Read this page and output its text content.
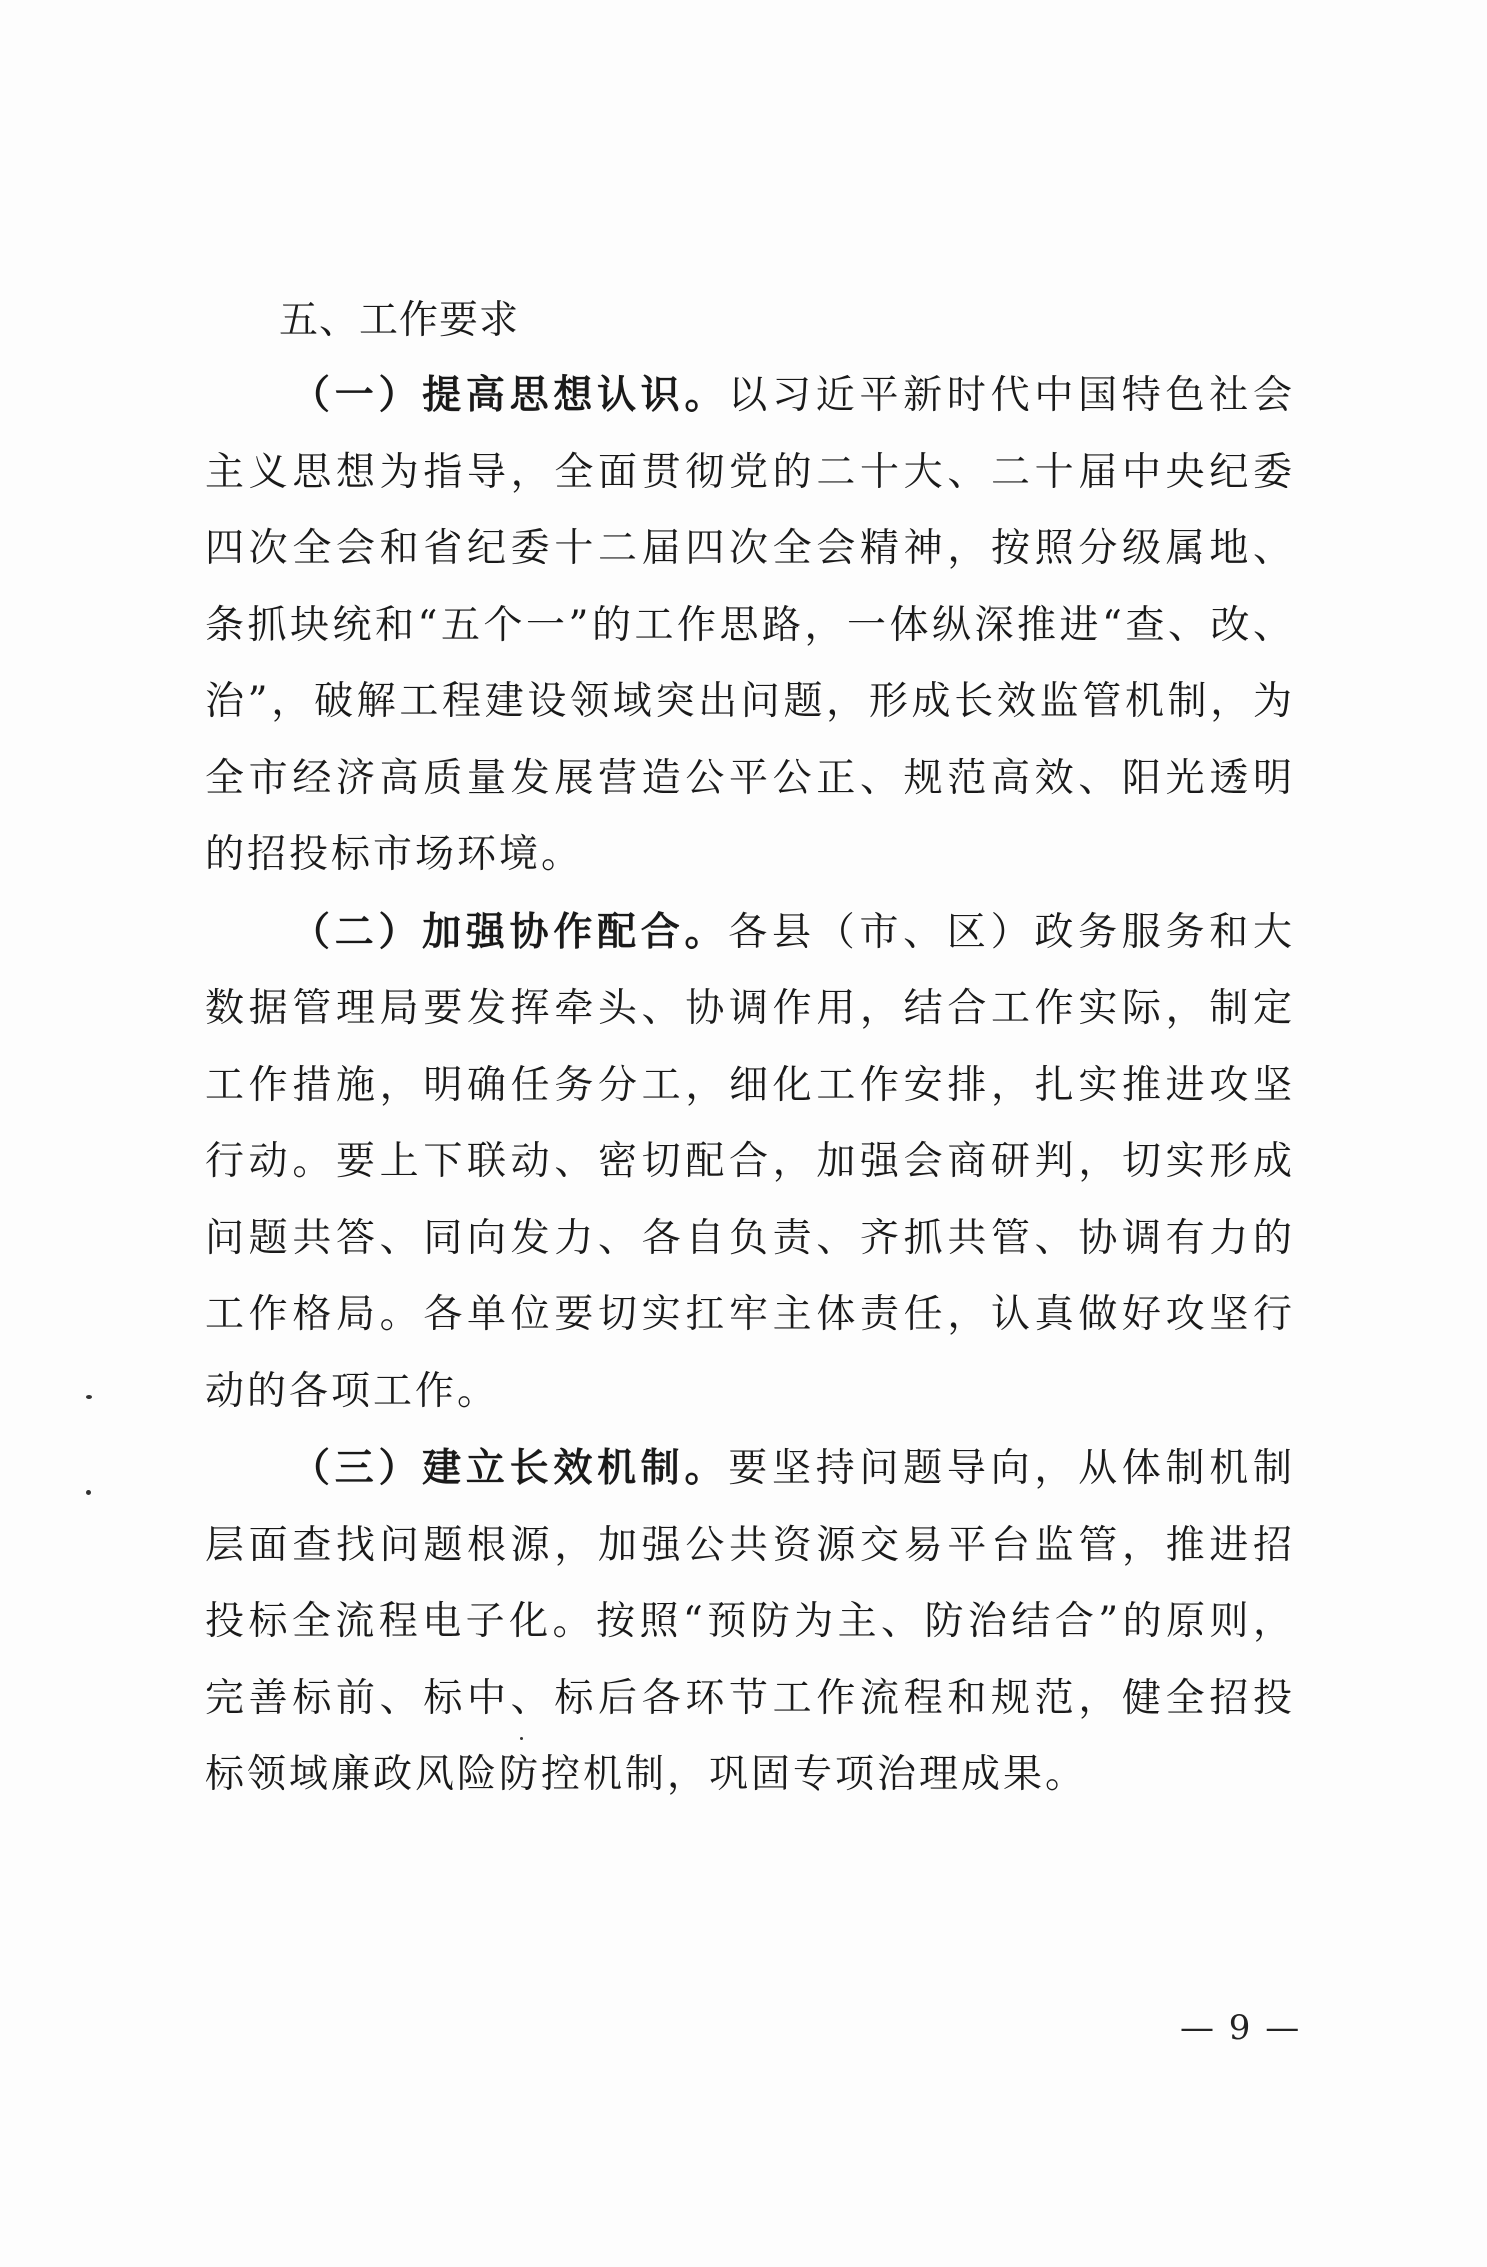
五、工作要求

（一）提高思想认识。以习近平新时代中国特色社会主义思想为指导，全面贯彻党的二十大、二十届中央纪委四次全会和省纪委十二届四次全会精神，按照分级属地、条抓块统和“五个一”的工作思路，一体纵深推进“查、改、治”，破解工程建设领域突出问题，形成长效监管机制，为全市经济高质量发展营造公平公正、规范高效、阳光透明的招投标市场环境。

（二）加强协作配合。各县（市、区）政务服务和大数据管理局要发挥牵头、协调作用，结合工作实际，制定工作措施，明确任务分工，细化工作安排，扎实推进攻坚行动。要上下联动、密切配合，加强会商研判，切实形成问题共答、同向发力、各自负责、齐抓共管、协调有力的工作格局。各单位要切实扛牢主体责任，认真做好攻坚行动的各项工作。

（三）建立长效机制。要坚持问题导向，从体制机制层面查找问题根源，加强公共资源交易平台监管，推进招投标全流程电子化。按照“预防为主、防治结合”的原则，完善标前、标中、标后各环节工作流程和规范，健全招投标领域廉政风险防控机制，巩固专项治理成果。

— 9 —
